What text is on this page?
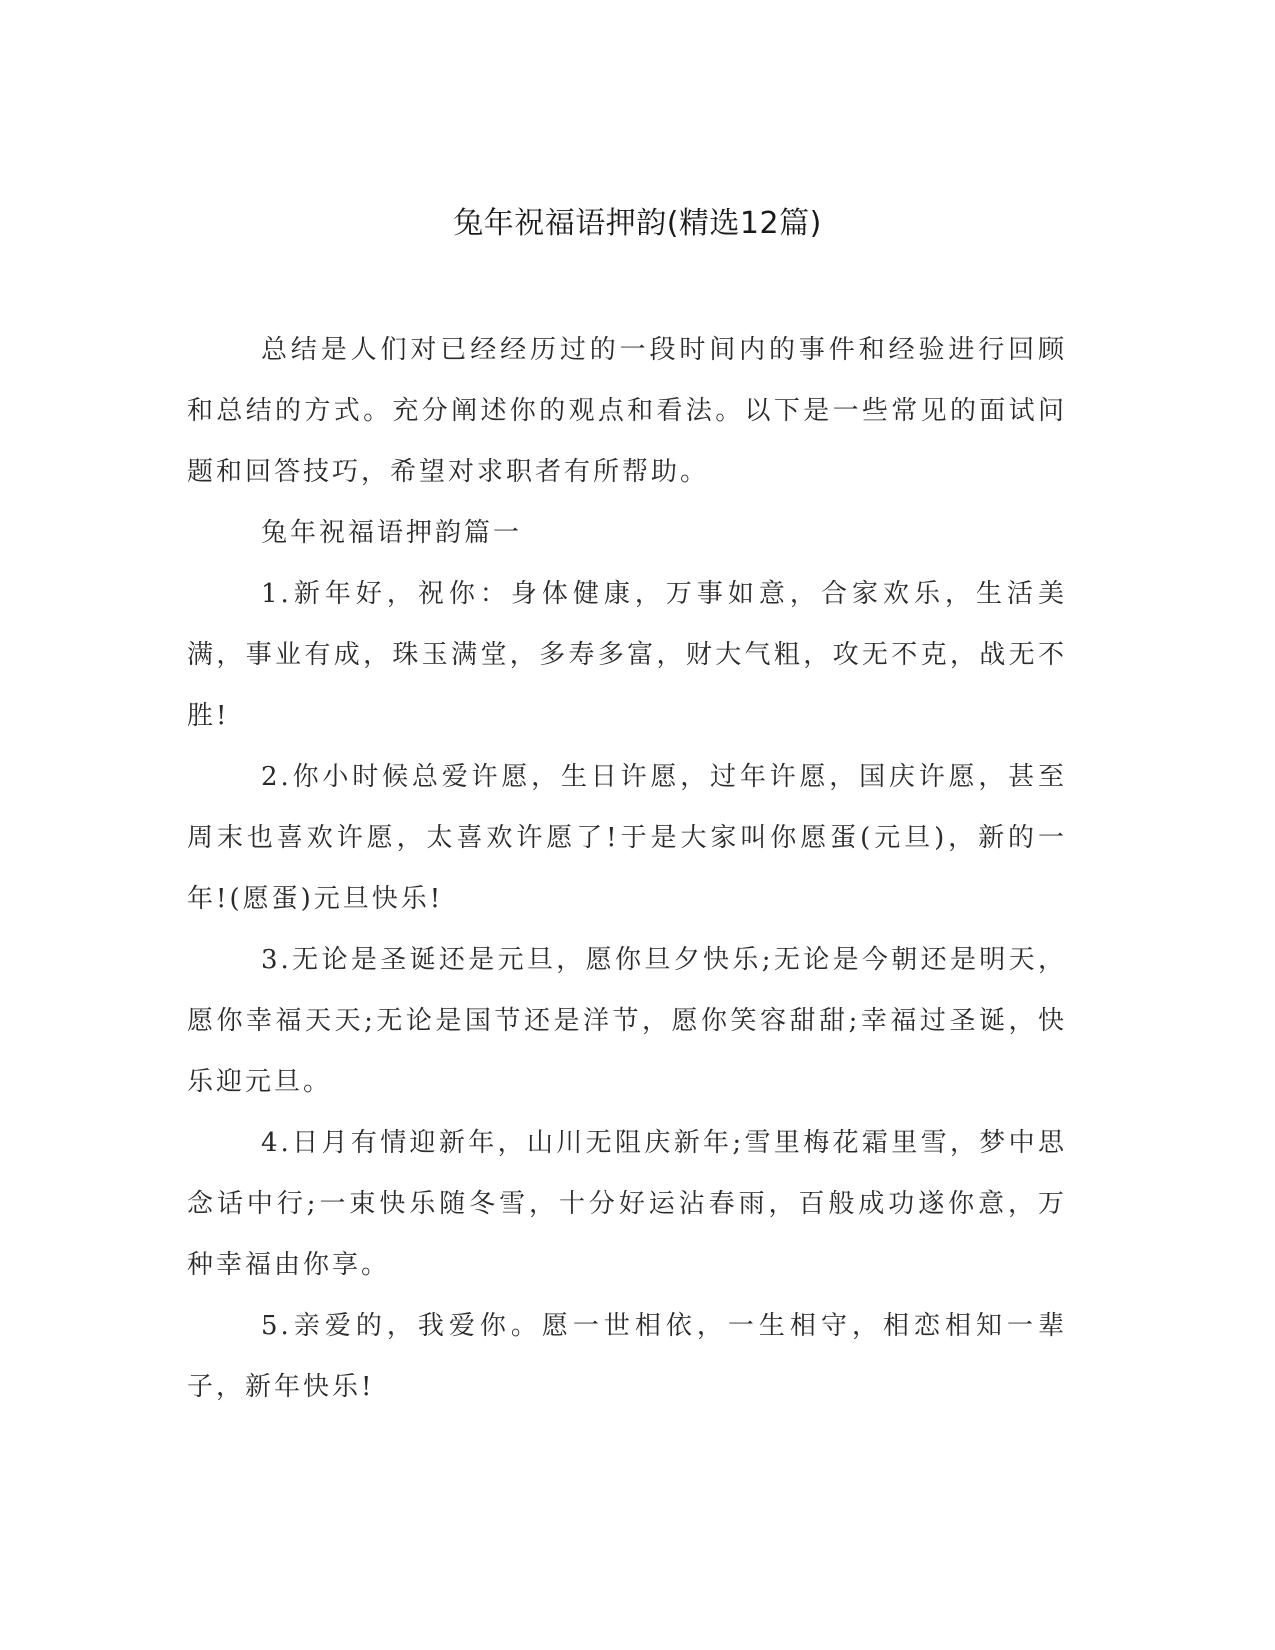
兔年祝福语押韵(精选12篇)

总结是人们对已经经历过的一段时间内的事件和经验进行回顾和总结的方式。充分阐述你的观点和看法。以下是一些常见的面试问题和回答技巧，希望对求职者有所帮助。

兔年祝福语押韵篇一

1.新年好，祝你：身体健康，万事如意，合家欢乐，生活美满，事业有成，珠玉满堂，多寿多富，财大气粗，攻无不克，战无不胜!

2.你小时候总爱许愿，生日许愿，过年许愿，国庆许愿，甚至周末也喜欢许愿，太喜欢许愿了!于是大家叫你愿蛋(元旦)，新的一年!(愿蛋)元旦快乐!

3.无论是圣诞还是元旦，愿你旦夕快乐;无论是今朝还是明天，愿你幸福天天;无论是国节还是洋节，愿你笑容甜甜;幸福过圣诞，快乐迎元旦。

4.日月有情迎新年，山川无阻庆新年;雪里梅花霜里雪，梦中思念话中行;一束快乐随冬雪，十分好运沾春雨，百般成功遂你意，万种幸福由你享。

5.亲爱的，我爱你。愿一世相依，一生相守，相恋相知一辈子，新年快乐!
